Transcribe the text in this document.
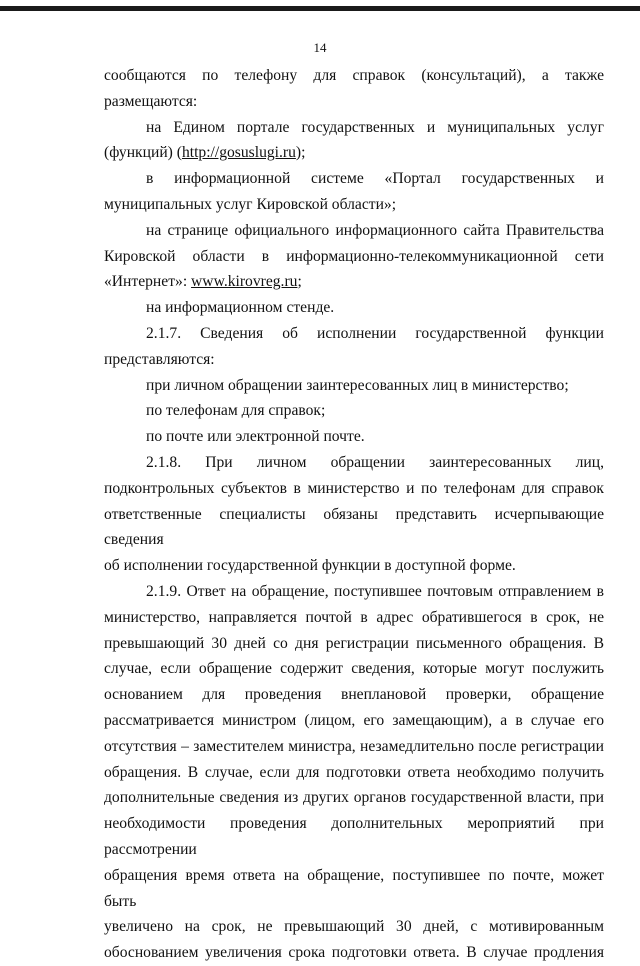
14

сообщаются по телефону для справок (консультаций), а также размещаются:

на Едином портале государственных и муниципальных услуг

(функций) (http://gosuslugi.ru);

в информационной системе «Портал государственных и

муниципальных услуг Кировской области»;

на странице официального информационного сайта Правительства

Кировской области в информационно-телекоммуникационной сети

«Интернет»: www.kirovreg.ru;

на информационном стенде.

2.1.7. Сведения об исполнении государственной функции

представляются:

при личном обращении заинтересованных лиц в министерство;

по телефонам для справок;

по почте или электронной почте.

2.1.8. При личном обращении заинтересованных лиц,

подконтрольных субъектов в министерство и по телефонам для справок

ответственные специалисты обязаны представить исчерпывающие сведения

об исполнении государственной функции в доступной форме.

2.1.9. Ответ на обращение, поступившее почтовым отправлением в

министерство, направляется почтой в адрес обратившегося в срок, не

превышающий 30 дней со дня регистрации письменного обращения. В

случае, если обращение содержит сведения, которые могут послужить

основанием для проведения внеплановой проверки, обращение

рассматривается министром (лицом, его замещающим), а в случае его

отсутствия – заместителем министра, незамедлительно после регистрации

обращения. В случае, если для подготовки ответа необходимо получить

дополнительные сведения из других органов государственной власти, при

необходимости проведения дополнительных мероприятий при рассмотрении

обращения время ответа на обращение, поступившее по почте, может быть

увеличено на срок, не превышающий 30 дней, с мотивированным

обоснованием увеличения срока подготовки ответа. В случае продления
